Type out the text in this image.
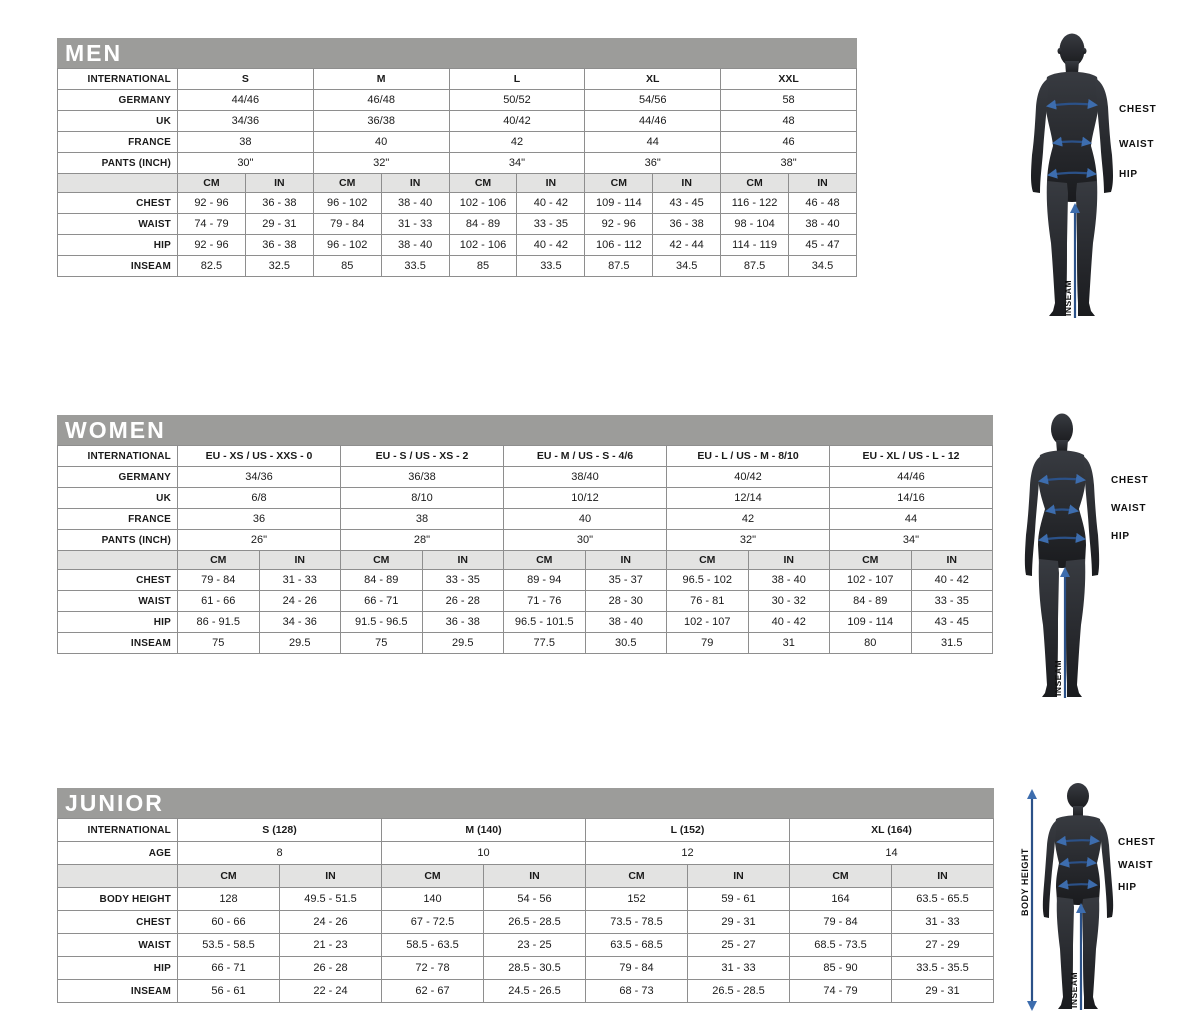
MEN
INTERNATIONAL	S		M		L		XL		XXL	
GERMANY	44/46		46/48		50/52		54/56		58	
UK	34/36		36/38		40/42		44/46		48	
FRANCE	38		40		42		44		46	
PANTS (INCH)	30"		32"		34"		36"		38"	
	CM	IN	CM	IN	CM	IN	CM	IN	CM	IN
CHEST	92 - 96	36 - 38	96 - 102	38 - 40	102 - 106	40 - 42	109 - 114	43 - 45	116 - 122	46 - 48
WAIST	74 - 79	29 - 31	79 - 84	31 - 33	84 - 89	33 - 35	92 - 96	36 - 38	98 - 104	38 - 40
HIP	92 - 96	36 - 38	96 - 102	38 - 40	102 - 106	40 - 42	106 - 112	42 - 44	114 - 119	45 - 47
INSEAM	82.5	32.5	85	33.5	85	33.5	87.5	34.5	87.5	34.5
CHEST
WAIST
HIP
INSEAM
WOMEN
INTERNATIONAL	EU - XS / US - XXS - 0		EU - S / US - XS - 2		EU - M / US - S - 4/6		EU - L / US - M - 8/10		EU - XL / US - L - 12	
GERMANY	34/36		36/38		38/40		40/42		44/46	
UK	6/8		8/10		10/12		12/14		14/16	
FRANCE	36		38		40		42		44	
PANTS (INCH)	26"		28"		30"		32"		34"	
	CM	IN	CM	IN	CM	IN	CM	IN	CM	IN
CHEST	79 - 84	31 - 33	84 - 89	33 - 35	89 - 94	35 - 37	96.5 - 102	38 - 40	102 - 107	40 - 42
WAIST	61 - 66	24 - 26	66 - 71	26 - 28	71 - 76	28 - 30	76 - 81	30 - 32	84 - 89	33 - 35
HIP	86 - 91.5	34 - 36	91.5 - 96.5	36 - 38	96.5 - 101.5	38 - 40	102 - 107	40 - 42	109 - 114	43 - 45
INSEAM	75	29.5	75	29.5	77.5	30.5	79	31	80	31.5
CHEST
WAIST
HIP
INSEAM
JUNIOR
INTERNATIONAL	S (128)		M (140)		L (152)		XL (164)	
AGE	8		10		12		14	
	CM	IN	CM	IN	CM	IN	CM	IN
BODY HEIGHT	128	49.5 - 51.5	140	54 - 56	152	59 - 61	164	63.5 - 65.5
CHEST	60 - 66	24 - 26	67 - 72.5	26.5 - 28.5	73.5 - 78.5	29 - 31	79 - 84	31 - 33
WAIST	53.5 - 58.5	21 - 23	58.5 - 63.5	23 - 25	63.5 - 68.5	25 - 27	68.5 - 73.5	27 - 29
HIP	66 - 71	26 - 28	72 - 78	28.5 - 30.5	79 - 84	31 - 33	85 - 90	33.5 - 35.5
INSEAM	56 - 61	22 - 24	62 - 67	24.5 - 26.5	68 - 73	26.5 - 28.5	74 - 79	29 - 31
CHEST
WAIST
HIP
BODY HEIGHT
INSEAM
